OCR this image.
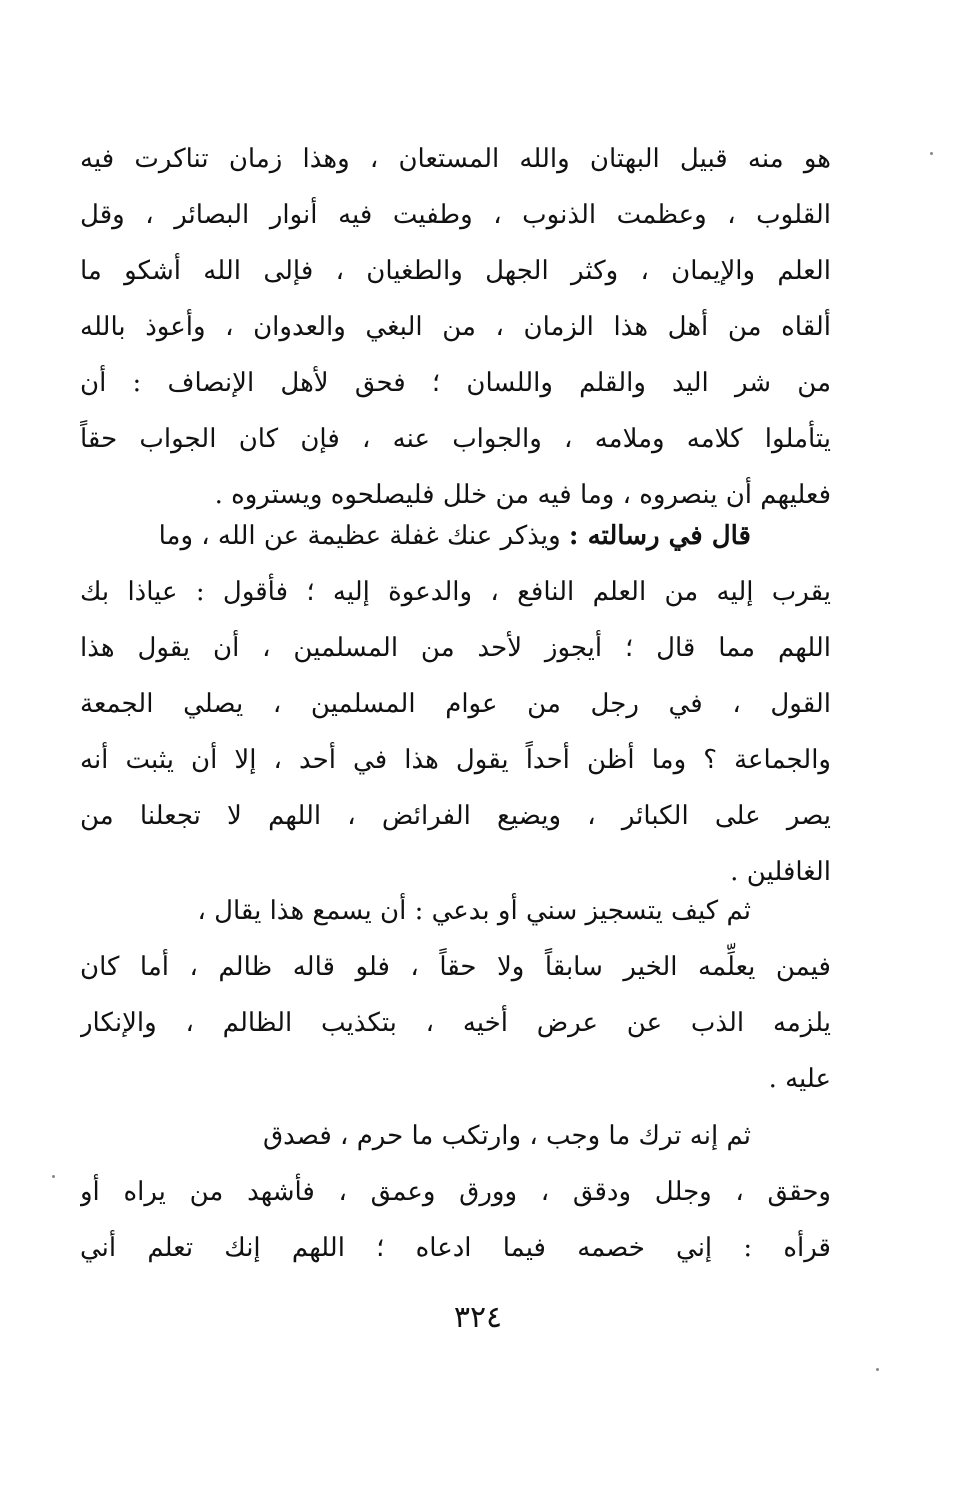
هو منه قبيل البهتان والله المستعان ، وهذا زمان تناكرت فيه
القلوب ، وعظمت الذنوب ، وطفيت فيه أنوار البصائر ، وقل
العلم والإيمان ، وكثر الجهل والطغيان ، فإلى الله أشكو ما
ألقاه من أهل هذا الزمان ، من البغي والعدوان ، وأعوذ بالله
من شر اليد والقلم واللسان ؛ فحق لأهل الإنصاف : أن
يتأملوا كلامه وملامه ، والجواب عنه ، فإن كان الجواب حقاً
فعليهم أن ينصروه ، وما فيه من خلل فليصلحوه ويستروه .
قال في رسالته : ويذكر عنك غفلة عظيمة عن الله ، وما
يقرب إليه من العلم النافع ، والدعوة إليه ؛ فأقول : عياذا بك
اللهم مما قال ؛ أيجوز لأحد من المسلمين ، أن يقول هذا
القول ، في رجل من عوام المسلمين ، يصلي الجمعة
والجماعة ؟ وما أظن أحداً يقول هذا في أحد ، إلا أن يثبت أنه
يصر على الكبائر ، ويضيع الفرائض ، اللهم لا تجعلنا من
الغافلين .
ثم كيف يتسجيز سني أو بدعي : أن يسمع هذا يقال ،
فيمن يعلِّمه الخير سابقاً ولا حقاً ، فلو قاله ظالم ، أما كان
يلزمه الذب عن عرض أخيه ، بتكذيب الظالم ، والإنكار
عليه .
ثم إنه ترك ما وجب ، وارتكب ما حرم ، فصدق
وحقق ، وجلل ودقق ، وورق وعمق ، فأشهد من يراه أو
قرأه : إني خصمه فيما ادعاه ؛ اللهم إنك تعلم أني
٣٢٤
